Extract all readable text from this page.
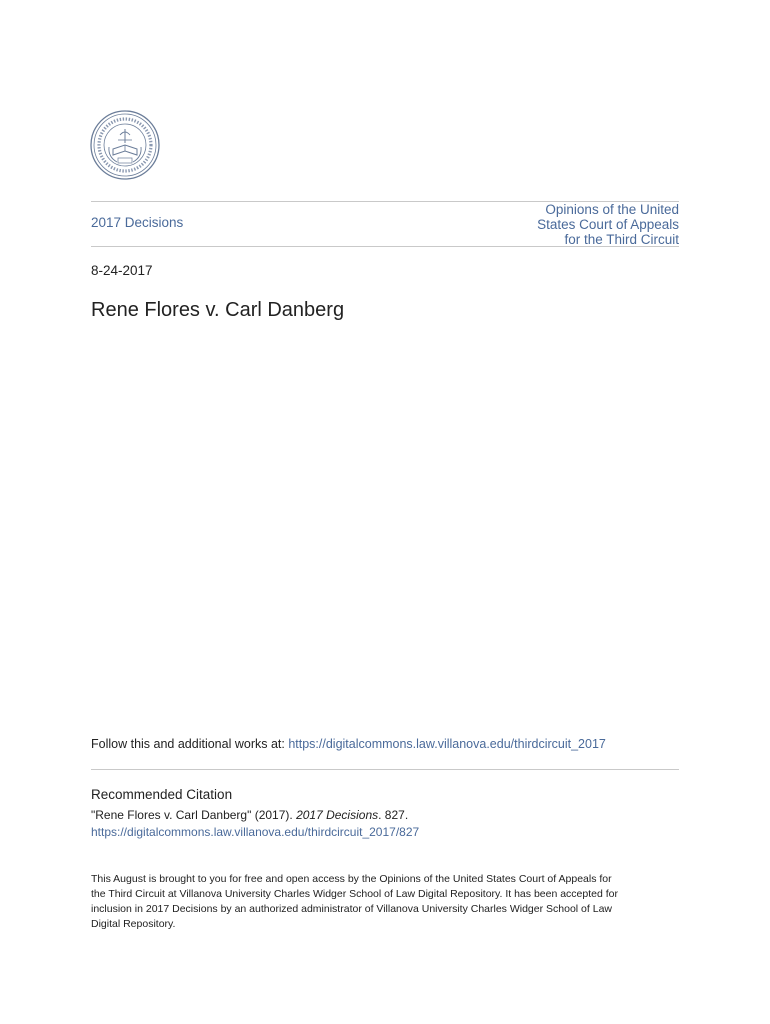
2017 Decisions
Opinions of the United
States Court of Appeals
for the Third Circuit
8-24-2017
Rene Flores v. Carl Danberg
Follow this and additional works at: https://digitalcommons.law.villanova.edu/thirdcircuit_2017
Recommended Citation
"Rene Flores v. Carl Danberg" (2017). 2017 Decisions. 827.
https://digitalcommons.law.villanova.edu/thirdcircuit_2017/827
This August is brought to you for free and open access by the Opinions of the United States Court of Appeals for
the Third Circuit at Villanova University Charles Widger School of Law Digital Repository. It has been accepted for
inclusion in 2017 Decisions by an authorized administrator of Villanova University Charles Widger School of Law
Digital Repository.
